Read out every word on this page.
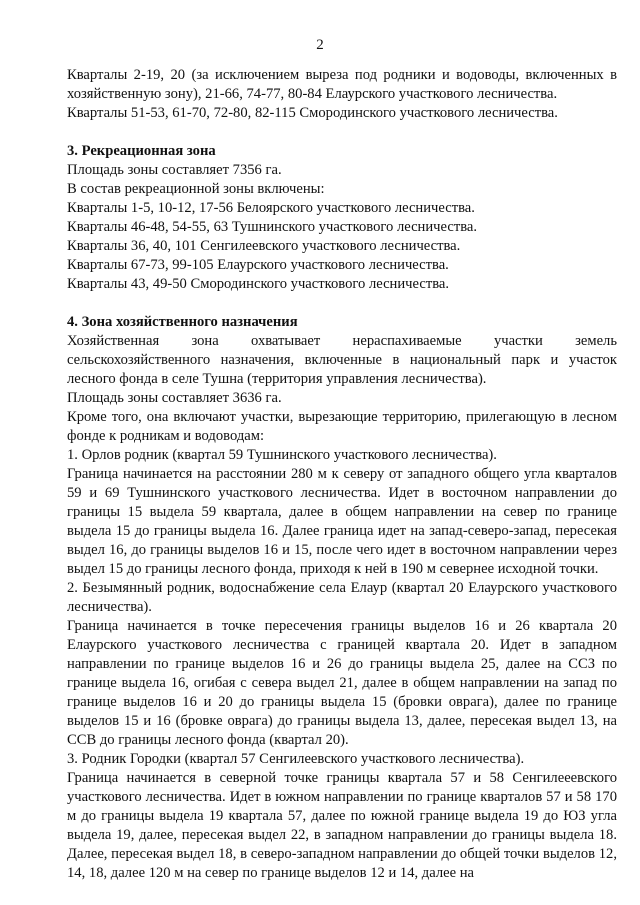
2

Кварталы 2-19, 20 (за исключением выреза под родники и водоводы, включенных в хозяйственную зону), 21-66, 74-77, 80-84 Елаурского участкового лесничества.

Кварталы 51-53, 61-70, 72-80, 82-115 Смородинского участкового лесничества.

3. Рекреационная зона

Площадь зоны составляет 7356 га.

В состав рекреационной зоны включены:

Кварталы 1-5, 10-12, 17-56 Белоярского участкового лесничества.

Кварталы 46-48, 54-55, 63 Тушнинского участкового лесничества.

Кварталы 36, 40, 101 Сенгилеевского участкового лесничества.

Кварталы 67-73, 99-105 Елаурского участкового лесничества.

Кварталы 43, 49-50 Смородинского участкового лесничества.

4. Зона хозяйственного назначения

Хозяйственная зона охватывает нераспахиваемые участки земель сельскохозяйственного назначения, включенные в национальный парк и участок лесного фонда в селе Тушна (территория управления лесничества).

Площадь зоны составляет 3636 га.

Кроме того, она включают участки, вырезающие территорию, прилегающую в лесном фонде к родникам и водоводам:

1. Орлов родник (квартал 59 Тушнинского участкового лесничества).

Граница начинается на расстоянии 280 м к северу от западного общего угла кварталов 59 и 69 Тушнинского участкового лесничества. Идет в восточном направлении до границы 15 выдела 59 квартала, далее в общем направлении на север по границе выдела 15 до границы выдела 16. Далее граница идет на запад-северо-запад, пересекая выдел 16, до границы выделов 16 и 15, после чего идет в восточном направлении через выдел 15 до границы лесного фонда, приходя к ней в 190 м севернее исходной точки.

2. Безымянный родник, водоснабжение села Елаур (квартал 20 Елаурского участкового лесничества).

Граница начинается в точке пересечения границы выделов 16 и 26 квартала 20 Елаурского участкового лесничества с границей квартала 20. Идет в западном направлении по границе выделов 16 и 26 до границы выдела 25, далее на ССЗ по границе выдела 16, огибая с севера выдел 21, далее в общем направлении на запад по границе выделов 16 и 20 до границы выдела 15 (бровки оврага), далее по границе выделов 15 и 16 (бровке оврага) до границы выдела 13, далее, пересекая выдел 13, на ССВ до границы лесного фонда (квартал 20).

3. Родник Городки (квартал 57 Сенгилеевского участкового лесничества).

Граница начинается в северной точке границы квартала 57 и 58 Сенгилееевского участкового лесничества. Идет в южном направлении по границе кварталов 57 и 58 170 м до границы выдела 19 квартала 57, далее по южной границе выдела 19 до ЮЗ угла выдела 19, далее, пересекая выдел 22, в западном направлении до границы выдела 18. Далее, пересекая выдел 18, в северо-западном направлении до общей точки выделов 12, 14, 18, далее 120 м на север по границе выделов 12 и 14, далее на
